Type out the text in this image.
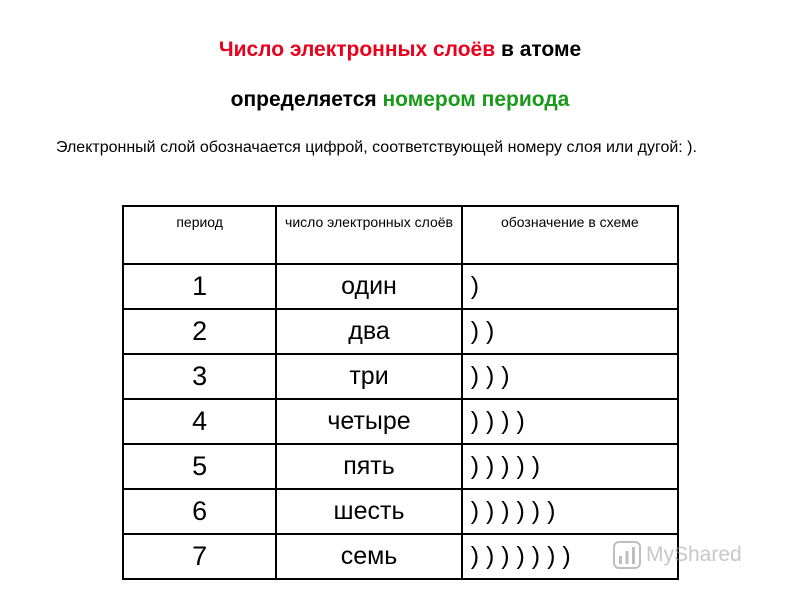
Число электронных слоёв в атоме
определяется номером периода
Электронный слой обозначается цифрой, соответствующей номеру слоя или дугой: ).
период	число электронных слоёв	обозначение в схеме
1	один	)
2	два	) )
3	три	) ) )
4	четыре	) ) ) )
5	пять	) ) ) ) )
6	шесть	) ) ) ) ) )
7	семь	) ) ) ) ) ) )	MyShared
